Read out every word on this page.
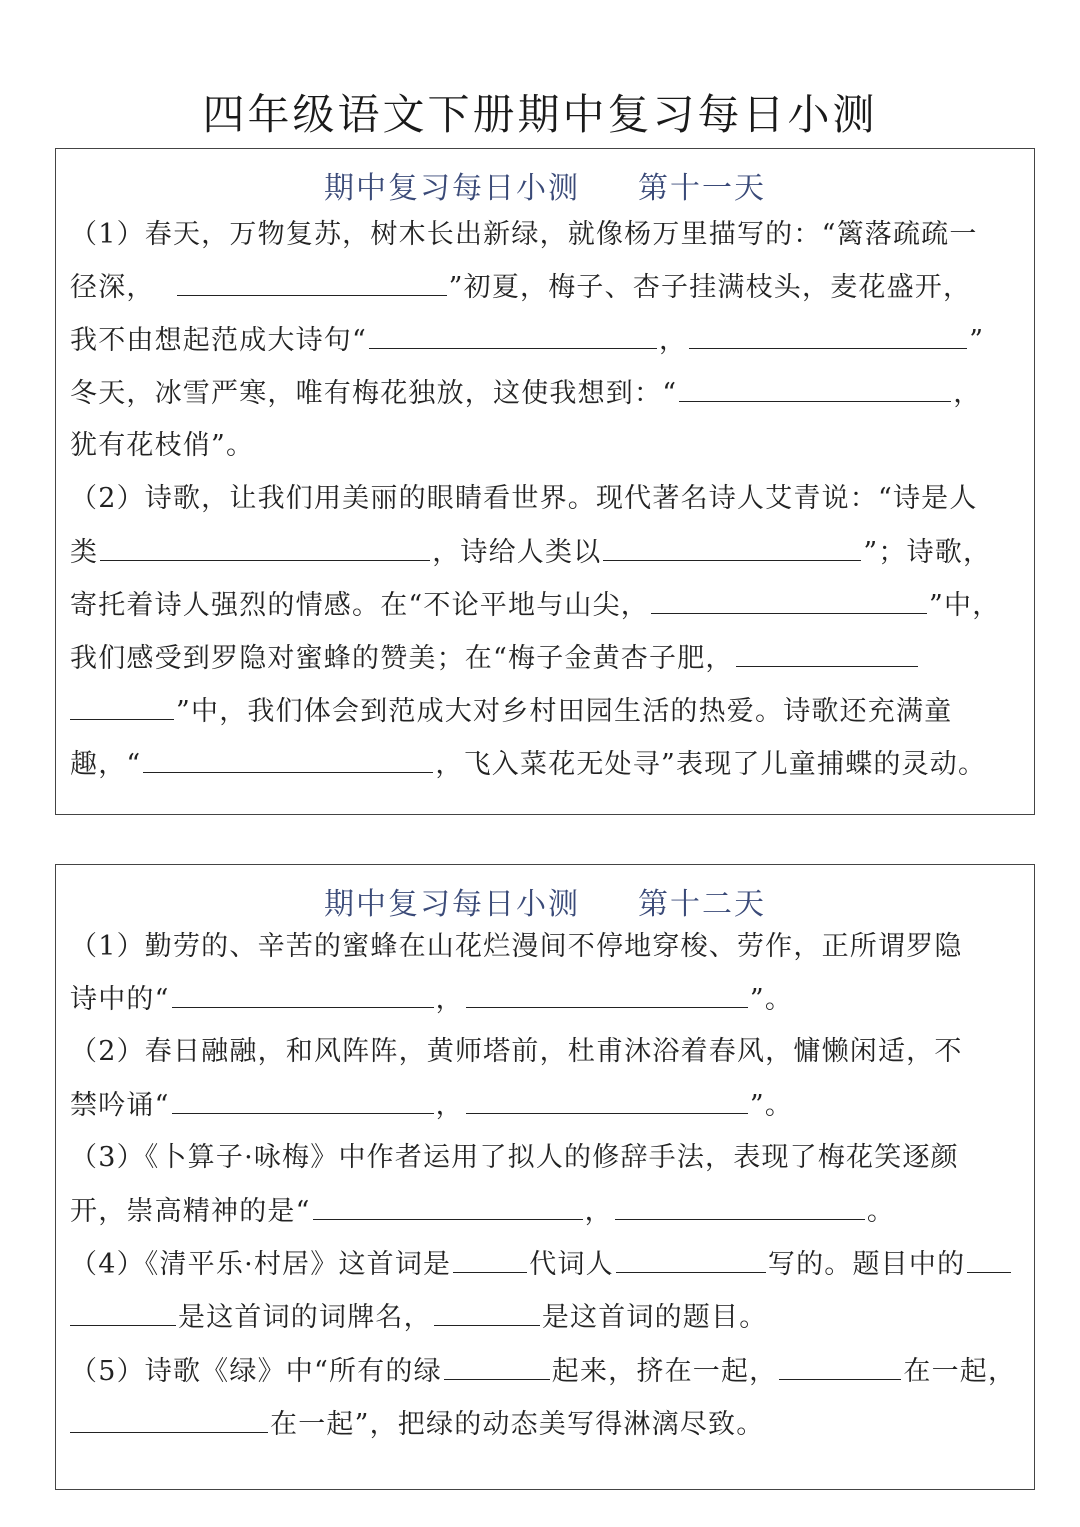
四年级语文下册期中复习每日小测
期中复习每日小测 第十一天
（1）春天，万物复苏，树木长出新绿，就像杨万里描写的：“篱落疏疏一
径深，	”初夏，梅子、杏子挂满枝头，麦花盛开，
我不由想起范成大诗句“	，	”
冬天，冰雪严寒，唯有梅花独放，这使我想到：“	，
犹有花枝俏”。
（2）诗歌，让我们用美丽的眼睛看世界。现代著名诗人艾青说：“诗是人
类	，诗给人类以	”；诗歌，
寄托着诗人强烈的情感。在“不论平地与山尖，	”中，
我们感受到罗隐对蜜蜂的赞美；在“梅子金黄杏子肥，
”中，我们体会到范成大对乡村田园生活的热爱。诗歌还充满童
趣，“	，飞入菜花无处寻”表现了儿童捕蝶的灵动。
期中复习每日小测 第十二天
（1）勤劳的、辛苦的蜜蜂在山花烂漫间不停地穿梭、劳作，正所谓罗隐
诗中的“	，	”。
（2）春日融融，和风阵阵，黄师塔前，杜甫沐浴着春风，慵懒闲适，不
禁吟诵“	，	”。
（3）《卜算子·咏梅》中作者运用了拟人的修辞手法，表现了梅花笑逐颜
开，崇高精神的是“	，	。
（4）《清平乐·村居》这首词是	代词人	写的。题目中的
是这首词的词牌名，	是这首词的题目。
（5）诗歌《绿》中“所有的绿	起来，挤在一起，	在一起，
在一起”，把绿的动态美写得淋漓尽致。
